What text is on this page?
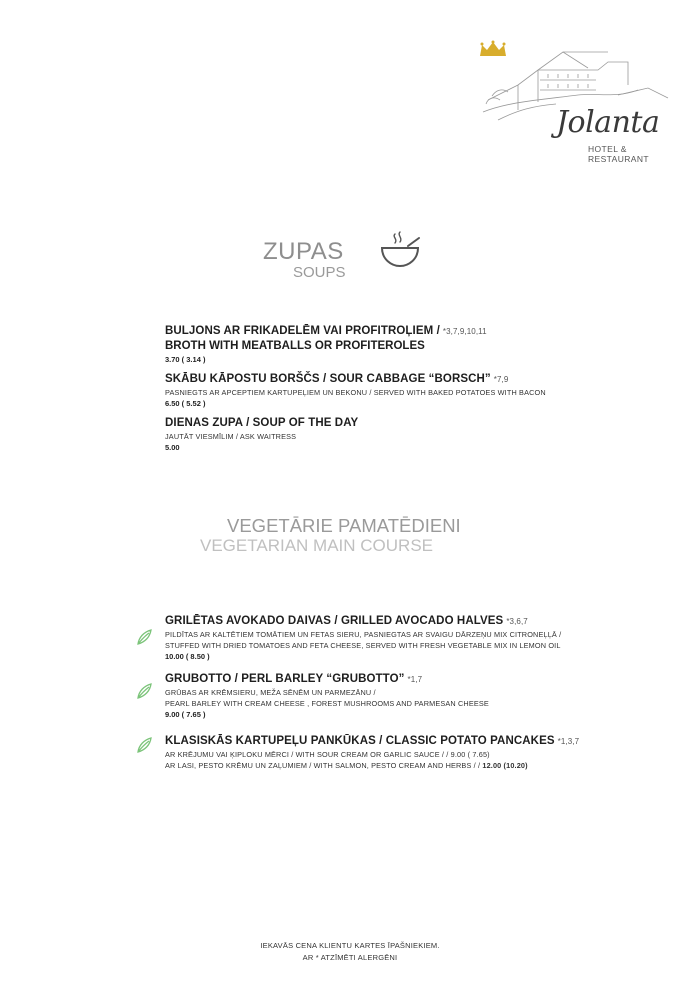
Jolanta
HOTEL & RESTAURANT
ZUPAS
SOUPS
BULJONS AR FRIKADELĒM VAI PROFITROĻIEM / *3,7,9,10,11
BROTH WITH MEATBALLS OR PROFITEROLES
3.70 ( 3.14 )
SKĀBU KĀPOSTU BORŠČS / SOUR CABBAGE “BORSCH” *7,9
PASNIEGTS AR APCEPTIEM KARTUPEĻIEM UN BEKONU / SERVED WITH BAKED POTATOES WITH BACON
6.50 ( 5.52 )
DIENAS ZUPA / SOUP OF THE DAY
JAUTĀT VIESMĪLIM / ASK WAITRESS
5.00
VEGETĀRIE PAMATĒDIENI
VEGETARIAN MAIN COURSE
GRILĒTAS AVOKADO DAIVAS / GRILLED AVOCADO HALVES *3,6,7
PILDĪTAS AR KALTĒTIEM TOMĀTIEM UN FETAS SIERU, PASNIEGTAS AR SVAIGU DĀRZEŅU MIX CITRONEĻĻĀ /
STUFFED WITH DRIED TOMATOES AND FETA CHEESE, SERVED WITH FRESH VEGETABLE MIX IN LEMON OIL
10.00 ( 8.50 )
GRUBOTTO / PERL BARLEY “GRUBOTTO” *1,7
GRŪBAS AR KRĒMSIERU, MEŽA SĒNĒM UN PARMEZĀNU /
PEARL BARLEY WITH CREAM CHEESE , FOREST MUSHROOMS AND PARMESAN CHEESE
9.00 ( 7.65 )
KLASISKĀS KARTUPEĻU PANKŪKAS / CLASSIC POTATO PANCAKES *1,3,7
AR KRĒJUMU VAI ĶIPLOKU MĒRCI / WITH SOUR CREAM OR GARLIC SAUCE / / 9.00 ( 7.65)
AR LASI, PESTO KRĒMU UN ZAĻUMIEM / WITH SALMON, PESTO CREAM AND HERBS / / 12.00 (10.20)
IEKAVĀS CENA KLIENTU KARTES ĪPAŠNIEKIEM.
AR * ATZĪMĒTI ALERGĒNI
